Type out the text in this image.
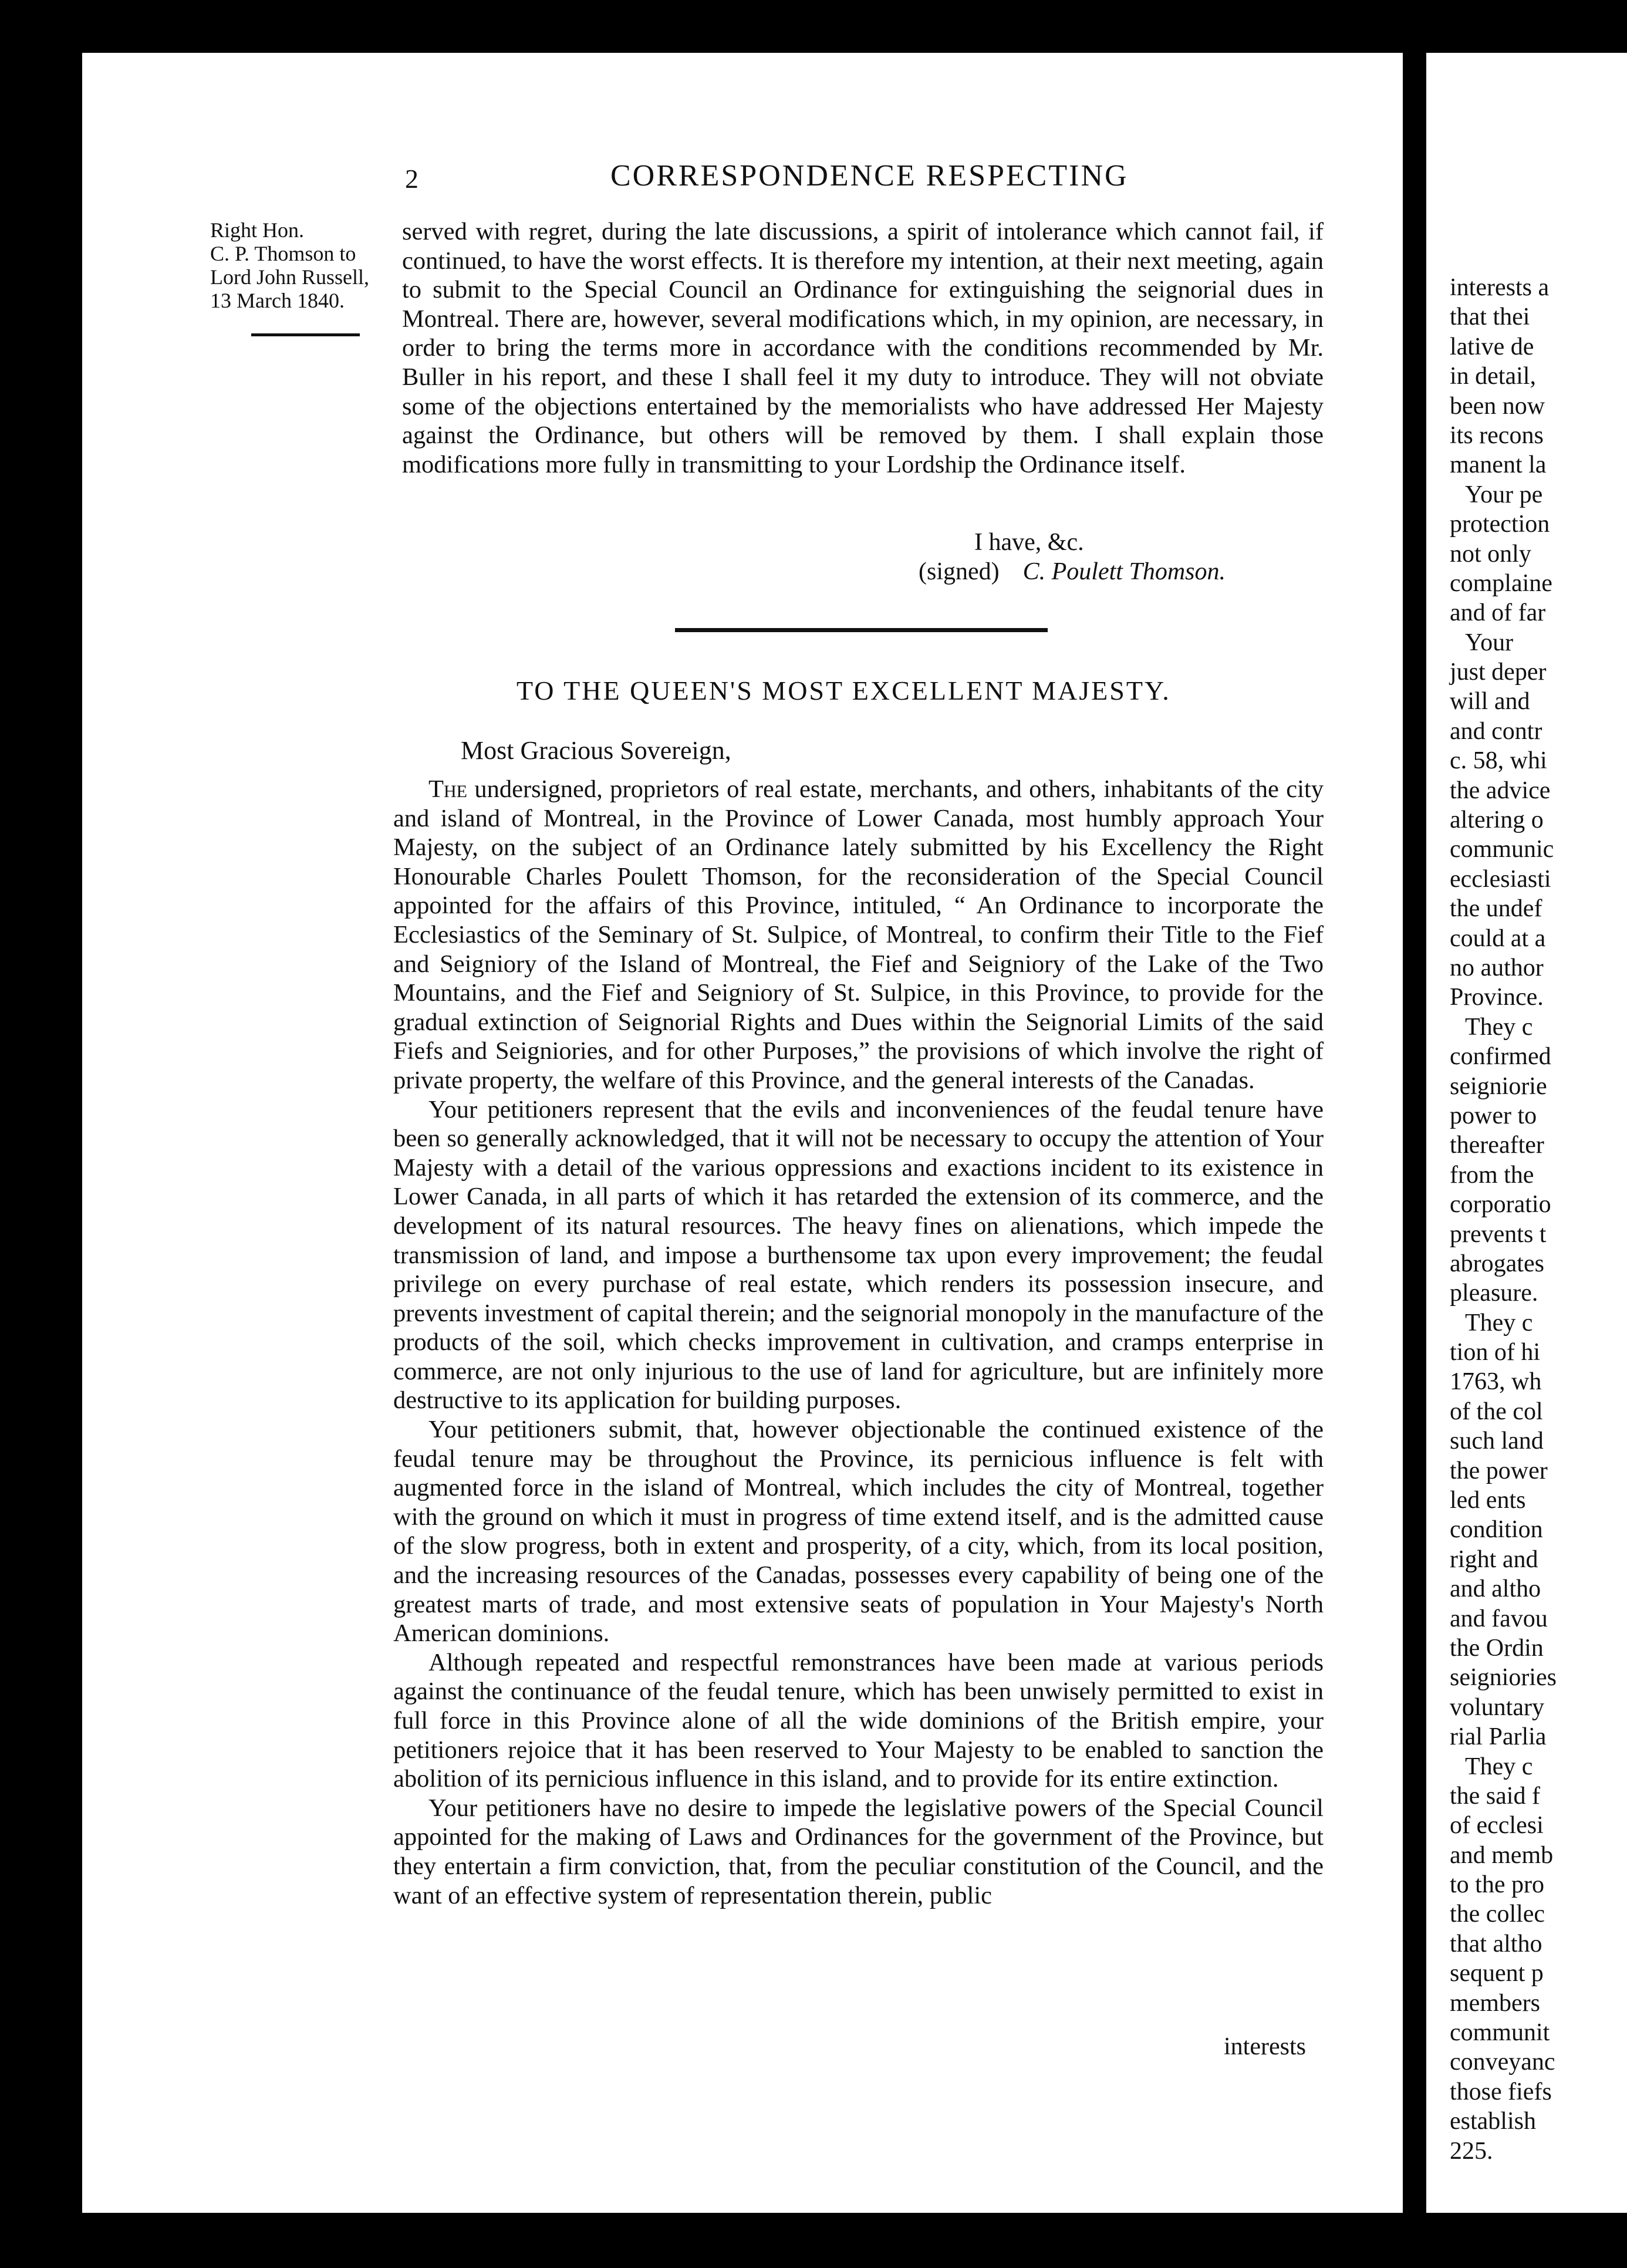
2	CORRESPONDENCE RESPECTING
Right Hon.
C. P. Thomson to
Lord John Russell,
13 March 1840.

served with regret, during the late discussions, a spirit of intolerance which cannot fail, if continued, to have the worst effects. It is therefore my intention, at their next meeting, again to submit to the Special Council an Ordinance for extinguishing the seignorial dues in Montreal. There are, however, several modifications which, in my opinion, are necessary, in order to bring the terms more in accordance with the conditions recommended by Mr. Buller in his report, and these I shall feel it my duty to introduce. They will not obviate some of the objections entertained by the memorialists who have addressed Her Majesty against the Ordinance, but others will be removed by them. I shall explain those modifications more fully in transmitting to your Lordship the Ordinance itself.

I have, &c.
(signed) C. Poulett Thomson.
TO THE QUEEN'S MOST EXCELLENT MAJESTY.
Most Gracious Sovereign,

The undersigned, proprietors of real estate, merchants, and others, inhabitants of the city and island of Montreal, in the Province of Lower Canada, most humbly approach Your Majesty, on the subject of an Ordinance lately submitted by his Excellency the Right Honourable Charles Poulett Thomson, for the reconsideration of the Special Council appointed for the affairs of this Province, intituled, “ An Ordinance to incorporate the Ecclesiastics of the Seminary of St. Sulpice, of Montreal, to confirm their Title to the Fief and Seigniory of the Island of Montreal, the Fief and Seigniory of the Lake of the Two Mountains, and the Fief and Seigniory of St. Sulpice, in this Province, to provide for the gradual extinction of Seignorial Rights and Dues within the Seignorial Limits of the said Fiefs and Seigniories, and for other Purposes,” the provisions of which involve the right of private property, the welfare of this Province, and the general interests of the Canadas.

Your petitioners represent that the evils and inconveniences of the feudal tenure have been so generally acknowledged, that it will not be necessary to occupy the attention of Your Majesty with a detail of the various oppressions and exactions incident to its existence in Lower Canada, in all parts of which it has retarded the extension of its commerce, and the development of its natural resources. The heavy fines on alienations, which impede the transmission of land, and impose a burthensome tax upon every improvement; the feudal privilege on every purchase of real estate, which renders its possession insecure, and prevents investment of capital therein; and the seignorial monopoly in the manufacture of the products of the soil, which checks improvement in cultivation, and cramps enterprise in commerce, are not only injurious to the use of land for agriculture, but are infinitely more destructive to its application for building purposes.

Your petitioners submit, that, however objectionable the continued existence of the feudal tenure may be throughout the Province, its pernicious influence is felt with augmented force in the island of Montreal, which includes the city of Montreal, together with the ground on which it must in progress of time extend itself, and is the admitted cause of the slow progress, both in extent and prosperity, of a city, which, from its local position, and the increasing resources of the Canadas, possesses every capability of being one of the greatest marts of trade, and most extensive seats of population in Your Majesty's North American dominions.

Although repeated and respectful remonstrances have been made at various periods against the continuance of the feudal tenure, which has been unwisely permitted to exist in full force in this Province alone of all the wide dominions of the British empire, your petitioners rejoice that it has been reserved to Your Majesty to be enabled to sanction the abolition of its pernicious influence in this island, and to provide for its entire extinction.

Your petitioners have no desire to impede the legislative powers of the Special Council appointed for the making of Laws and Ordinances for the government of the Province, but they entertain a firm conviction, that, from the peculiar constitution of the Council, and the want of an effective system of representation therein, public

interests
interests a
that thei
lative de
in detail,
been now
its recons
manent la
Your pe
protection
not only
complaine
and of far
Your
just deper
will and
and contr
c. 58, whi
the advice
altering o
communic
ecclesiasti
the undef
could at a
no author
Province.
They c
confirmed
seigniorie
power to
thereafter
from the
corporatio
prevents t
abrogates
pleasure.
They c
tion of hi
1763, wh
of the col
such land
the power
led ents
condition
right and
and altho
and favou
the Ordin
seigniories
voluntary
rial Parlia
They c
the said f
of ecclesi
and memb
to the pro
the collec
that altho
sequent p
members
communit
conveyanc
those fiefs
establish
225.
